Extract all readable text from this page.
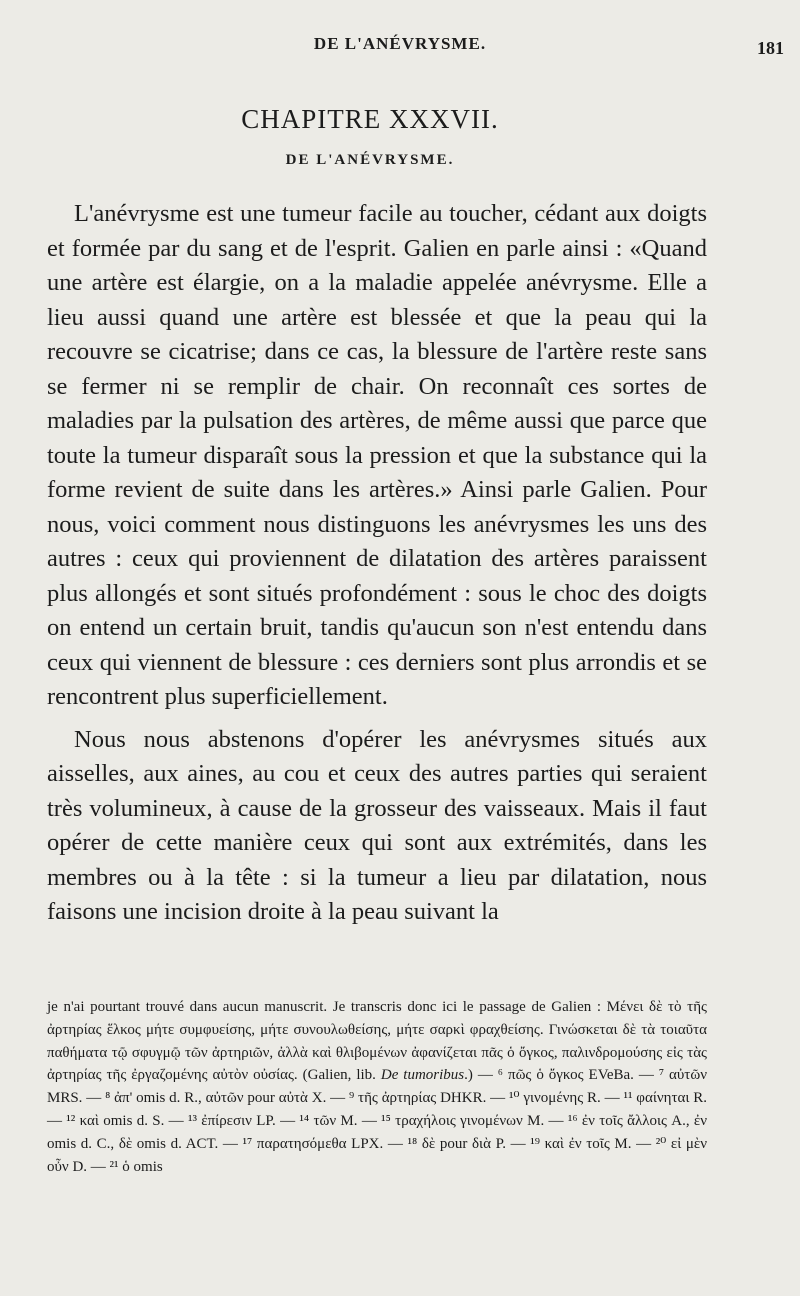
DE L'ANÉVRYSME.	181
CHAPITRE XXXVII.
DE L'ANÉVRYSME.

L'anévrysme est une tumeur facile au toucher, cédant aux doigts et formée par du sang et de l'esprit. Galien en parle ainsi : «Quand une artère est élargie, on a la maladie appelée anévrysme. Elle a lieu aussi quand une artère est blessée et que la peau qui la recouvre se cicatrise; dans ce cas, la blessure de l'artère reste sans se fermer ni se remplir de chair. On reconnaît ces sortes de maladies par la pulsation des artères, de même aussi que parce que toute la tumeur disparaît sous la pression et que la substance qui la forme revient de suite dans les artères.» Ainsi parle Galien. Pour nous, voici comment nous distinguons les anévrysmes les uns des autres : ceux qui proviennent de dilatation des artères paraissent plus allongés et sont situés profondément : sous le choc des doigts on entend un certain bruit, tandis qu'aucun son n'est entendu dans ceux qui viennent de blessure : ces derniers sont plus arrondis et se rencontrent plus superficiellement.

Nous nous abstenons d'opérer les anévrysmes situés aux aisselles, aux aines, au cou et ceux des autres parties qui seraient très volumineux, à cause de la grosseur des vaisseaux. Mais il faut opérer de cette manière ceux qui sont aux extrémités, dans les membres ou à la tête : si la tumeur a lieu par dilatation, nous faisons une incision droite à la peau suivant la

je n'ai pourtant trouvé dans aucun manuscrit. Je transcris donc ici le passage de Galien : Μένει δὲ τὸ τῆς ἀρτηρίας ἕλκος μήτε συμφυείσης, μήτε συνουλωθείσης, μήτε σαρκὶ φραχθείσης. Γινώσκεται δὲ τὰ τοιαῦτα παθήματα τῷ σφυγμῷ τῶν ἀρτηριῶν, ἀλλὰ καὶ θλιβομένων ἀφανίζεται πᾶς ὁ ὄγκος, παλινδρομούσης εἰς τὰς ἀρτηρίας τῆς ἐργαζομένης αὐτὸν οὐσίας. (Galien, lib. De tumoribus.) — ⁶ πῶς ὁ ὄγκος EVeBa. — ⁷ αὐτῶν MRS. — ⁸ ἀπ' omis d. R., αὐτῶν pour αὐτὰ X. — ⁹ τῆς ἀρτηρίας DHKR. — ¹⁰ γινομένης R. — ¹¹ φαίνηται R. — ¹² καὶ omis d. S. — ¹³ ἐπίρεσιν LP. — ¹⁴ τῶν M. — ¹⁵ τραχήλοις γινομένων M. — ¹⁶ ἐν τοῖς ἄλλοις A., ἐν omis d. C., δὲ omis d. ACT. — ¹⁷ παρατησόμεθα LPX. — ¹⁸ δὲ pour διὰ P. — ¹⁹ καὶ ἐν τοῖς M. — ²⁰ εἰ μὲν οὖν D. — ²¹ ὁ omis
